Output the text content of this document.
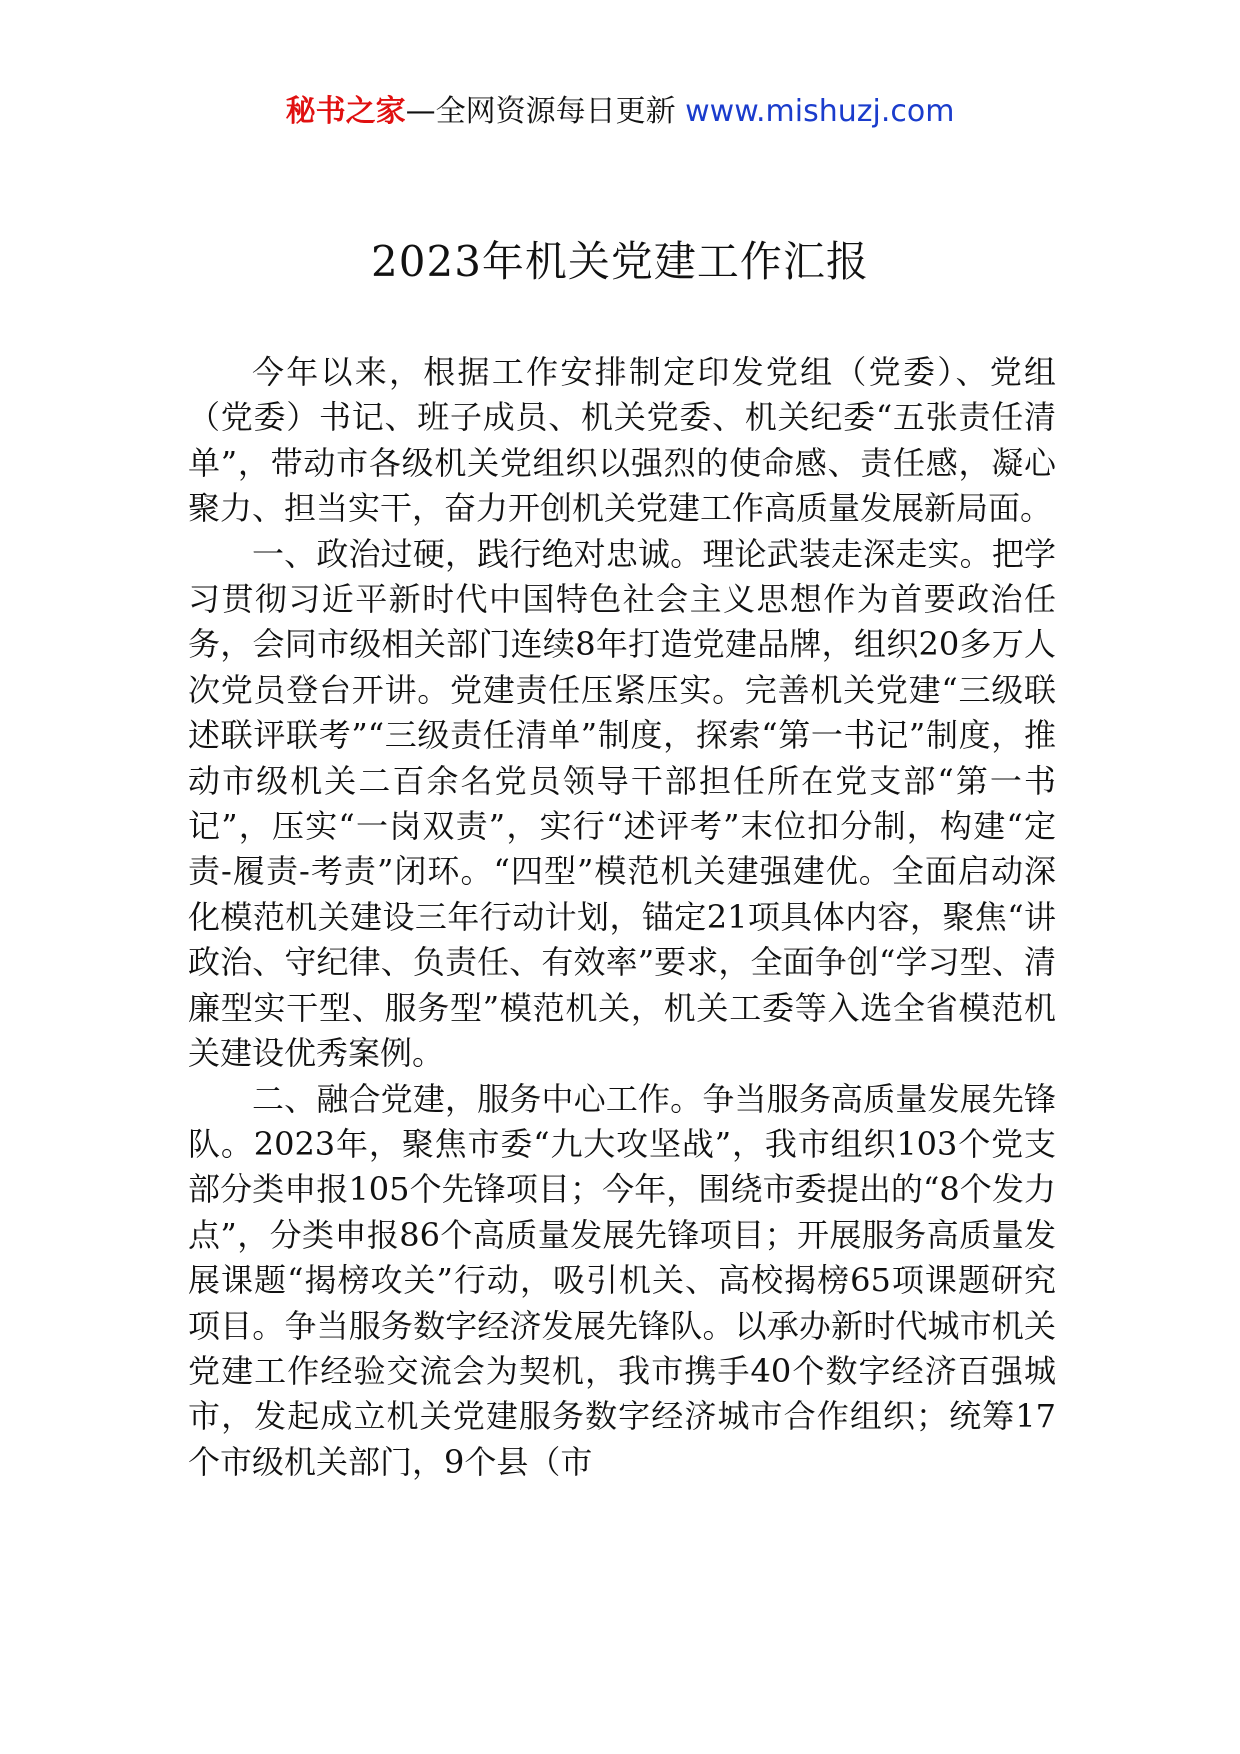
秘书之家—全网资源每日更新 www.mishuzj.com
2023年机关党建工作汇报

今年以来，根据工作安排制定印发党组（党委）、党组（党委）书记、班子成员、机关党委、机关纪委“五张责任清单”，带动市各级机关党组织以强烈的使命感、责任感，凝心聚力、担当实干，奋力开创机关党建工作高质量发展新局面。

一、政治过硬，践行绝对忠诚。理论武装走深走实。把学习贯彻习近平新时代中国特色社会主义思想作为首要政治任务，会同市级相关部门连续8年打造党建品牌，组织20多万人次党员登台开讲。党建责任压紧压实。完善机关党建“三级联述联评联考”“三级责任清单”制度，探索“第一书记”制度，推动市级机关二百余名党员领导干部担任所在党支部“第一书记”，压实“一岗双责”，实行“述评考”末位扣分制，构建“定责-履责-考责”闭环。“四型”模范机关建强建优。全面启动深化模范机关建设三年行动计划，锚定21项具体内容，聚焦“讲政治、守纪律、负责任、有效率”要求，全面争创“学习型、清廉型实干型、服务型”模范机关，机关工委等入选全省模范机关建设优秀案例。

二、融合党建，服务中心工作。争当服务高质量发展先锋队。2023年，聚焦市委“九大攻坚战”，我市组织103个党支部分类申报105个先锋项目；今年，围绕市委提出的“8个发力点”，分类申报86个高质量发展先锋项目；开展服务高质量发展课题“揭榜攻关”行动，吸引机关、高校揭榜65项课题研究项目。争当服务数字经济发展先锋队。以承办新时代城市机关党建工作经验交流会为契机，我市携手40个数字经济百强城市，发起成立机关党建服务数字经济城市合作组织；统筹17个市级机关部门，9个县（市
